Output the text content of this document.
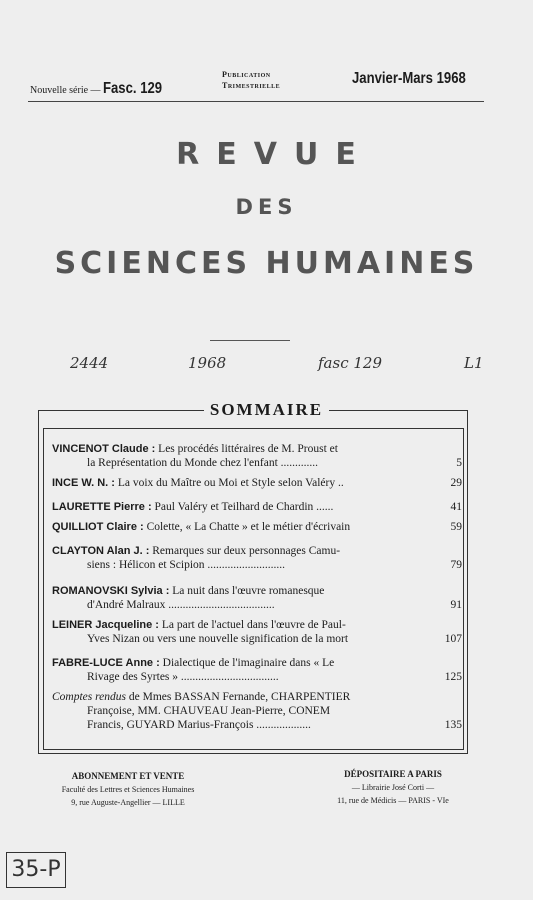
Nouvelle série — Fasc. 129
Publication
Trimestrielle	Janvier-Mars 1968
REVUE
DES
SCIENCES HUMAINES
2444	1968	fasc 129	L1
SOMMAIRE
VINCENOT Claude : Les procédés littéraires de M. Proust et
la Représentation du Monde chez l'enfant .............	5
INCE W. N. : La voix du Maître ou Moi et Style selon Valéry ..	29
LAURETTE Pierre : Paul Valéry et Teilhard de Chardin ......	41
QUILLIOT Claire : Colette, « La Chatte » et le métier d'écrivain	59
CLAYTON Alan J. : Remarques sur deux personnages Camu-
siens : Hélicon et Scipion ...........................	79
ROMANOVSKI Sylvia : La nuit dans l'œuvre romanesque
d'André Malraux .....................................	91
LEINER Jacqueline : La part de l'actuel dans l'œuvre de Paul-
Yves Nizan ou vers une nouvelle signification de la mort	107
FABRE-LUCE Anne : Dialectique de l'imaginaire dans « Le
Rivage des Syrtes » ..................................	125
Comptes rendus de Mmes BASSAN Fernande, CHARPENTIER
Françoise, MM. CHAUVEAU Jean-Pierre, CONEM
Francis, GUYARD Marius-François ...................	135
ABONNEMENT ET VENTE
Faculté des Lettres et Sciences Humaines
9, rue Auguste-Angellier — LILLE
DÉPOSITAIRE A PARIS
— Librairie José Corti —
11, rue de Médicis — PARIS - VIe
35-P
